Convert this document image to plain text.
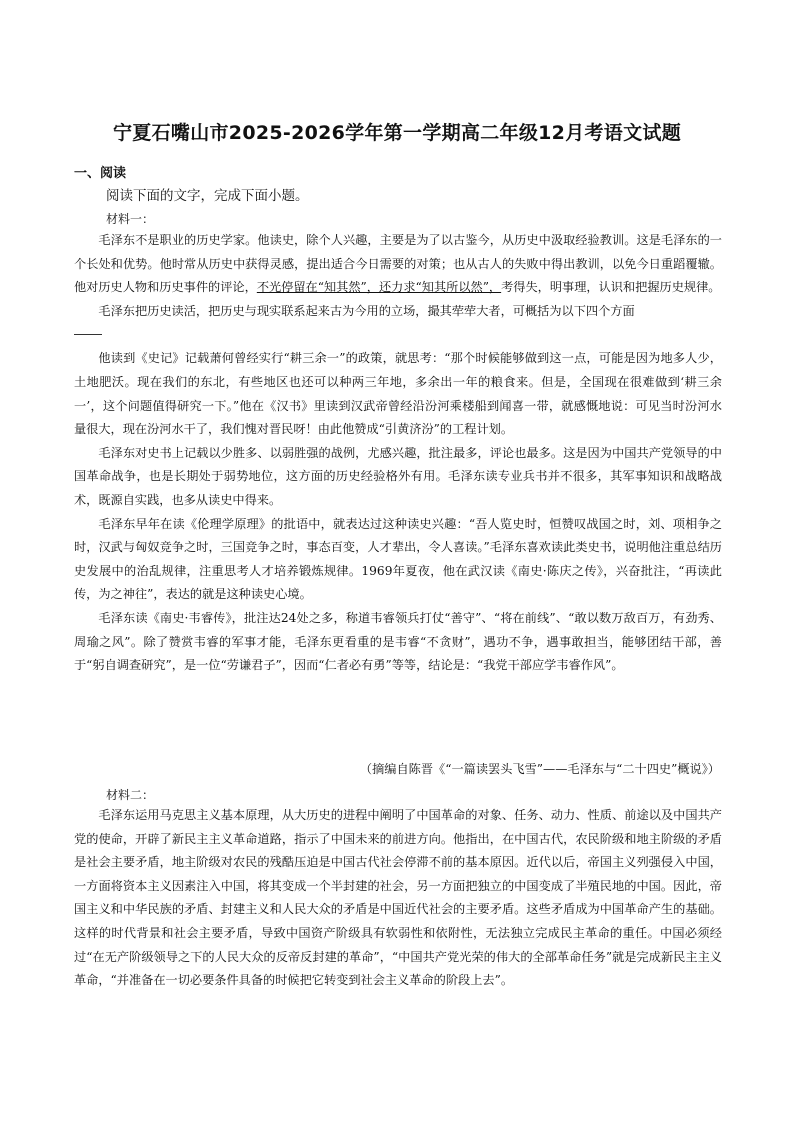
宁夏石嘴山市2025-2026学年第一学期高二年级12月考语文试题
一、阅读
阅读下面的文字，完成下面小题。
材料一：

毛泽东不是职业的历史学家。他读史，除个人兴趣，主要是为了以古鉴今，从历史中汲取经验教训。这是毛泽东的一个长处和优势。他时常从历史中获得灵感，提出适合今日需要的对策；也从古人的失败中得出教训，以免今日重蹈覆辙。他对历史人物和历史事件的评论，不光停留在“知其然”，还力求“知其所以然”，考得失，明事理，认识和把握历史规律。

毛泽东把历史读活，把历史与现实联系起来古为今用的立场，撮其荦荦大者，可概括为以下四个方面

他读到《史记》记载萧何曾经实行“耕三余一”的政策，就思考：“那个时候能够做到这一点，可能是因为地多人少，土地肥沃。现在我们的东北，有些地区也还可以种两三年地，多余出一年的粮食来。但是，全国现在很难做到‘耕三余一’，这个问题值得研究一下。”他在《汉书》里读到汉武帝曾经沿汾河乘楼船到闻喜一带，就感慨地说：可见当时汾河水量很大，现在汾河水干了，我们愧对晋民呀！由此他赞成“引黄济汾”的工程计划。

毛泽东对史书上记载以少胜多、以弱胜强的战例，尤感兴趣，批注最多，评论也最多。这是因为中国共产党领导的中国革命战争，也是长期处于弱势地位，这方面的历史经验格外有用。毛泽东读专业兵书并不很多，其军事知识和战略战术，既源自实践，也多从读史中得来。

毛泽东早年在读《伦理学原理》的批语中，就表达过这种读史兴趣：“吾人览史时，恒赞叹战国之时，刘、项相争之时，汉武与匈奴竞争之时，三国竞争之时，事态百变，人才辈出，令人喜读。”毛泽东喜欢读此类史书，说明他注重总结历史发展中的治乱规律，注重思考人才培养锻炼规律。1969年夏夜，他在武汉读《南史·陈庆之传》，兴奋批注，“再读此传，为之神往”，表达的就是这种读史心境。

毛泽东读《南史·韦睿传》，批注达24处之多，称道韦睿领兵打仗“善守”、“将在前线”、“敢以数万敌百万，有劲秀、周瑜之风”。除了赞赏韦睿的军事才能，毛泽东更看重的是韦睿“不贪财”，遇功不争，遇事敢担当，能够团结干部，善于“躬自调查研究”，是一位“劳谦君子”，因而“仁者必有勇”等等，结论是：“我党干部应学韦睿作风”。

（摘编自陈晋《“一篇读罢头飞雪”——毛泽东与“二十四史”概说》）
材料二：

毛泽东运用马克思主义基本原理，从大历史的进程中阐明了中国革命的对象、任务、动力、性质、前途以及中国共产党的使命，开辟了新民主主义革命道路，指示了中国未来的前进方向。他指出，在中国古代，农民阶级和地主阶级的矛盾是社会主要矛盾，地主阶级对农民的残酷压迫是中国古代社会停滞不前的基本原因。近代以后，帝国主义列强侵入中国，一方面将资本主义因素注入中国，将其变成一个半封建的社会，另一方面把独立的中国变成了半殖民地的中国。因此，帝国主义和中华民族的矛盾、封建主义和人民大众的矛盾是中国近代社会的主要矛盾。这些矛盾成为中国革命产生的基础。这样的时代背景和社会主要矛盾，导致中国资产阶级具有软弱性和依附性，无法独立完成民主革命的重任。中国必须经过“在无产阶级领导之下的人民大众的反帝反封建的革命”，“中国共产党光荣的伟大的全部革命任务”就是完成新民主主义革命，“并准备在一切必要条件具备的时候把它转变到社会主义革命的阶段上去”。
